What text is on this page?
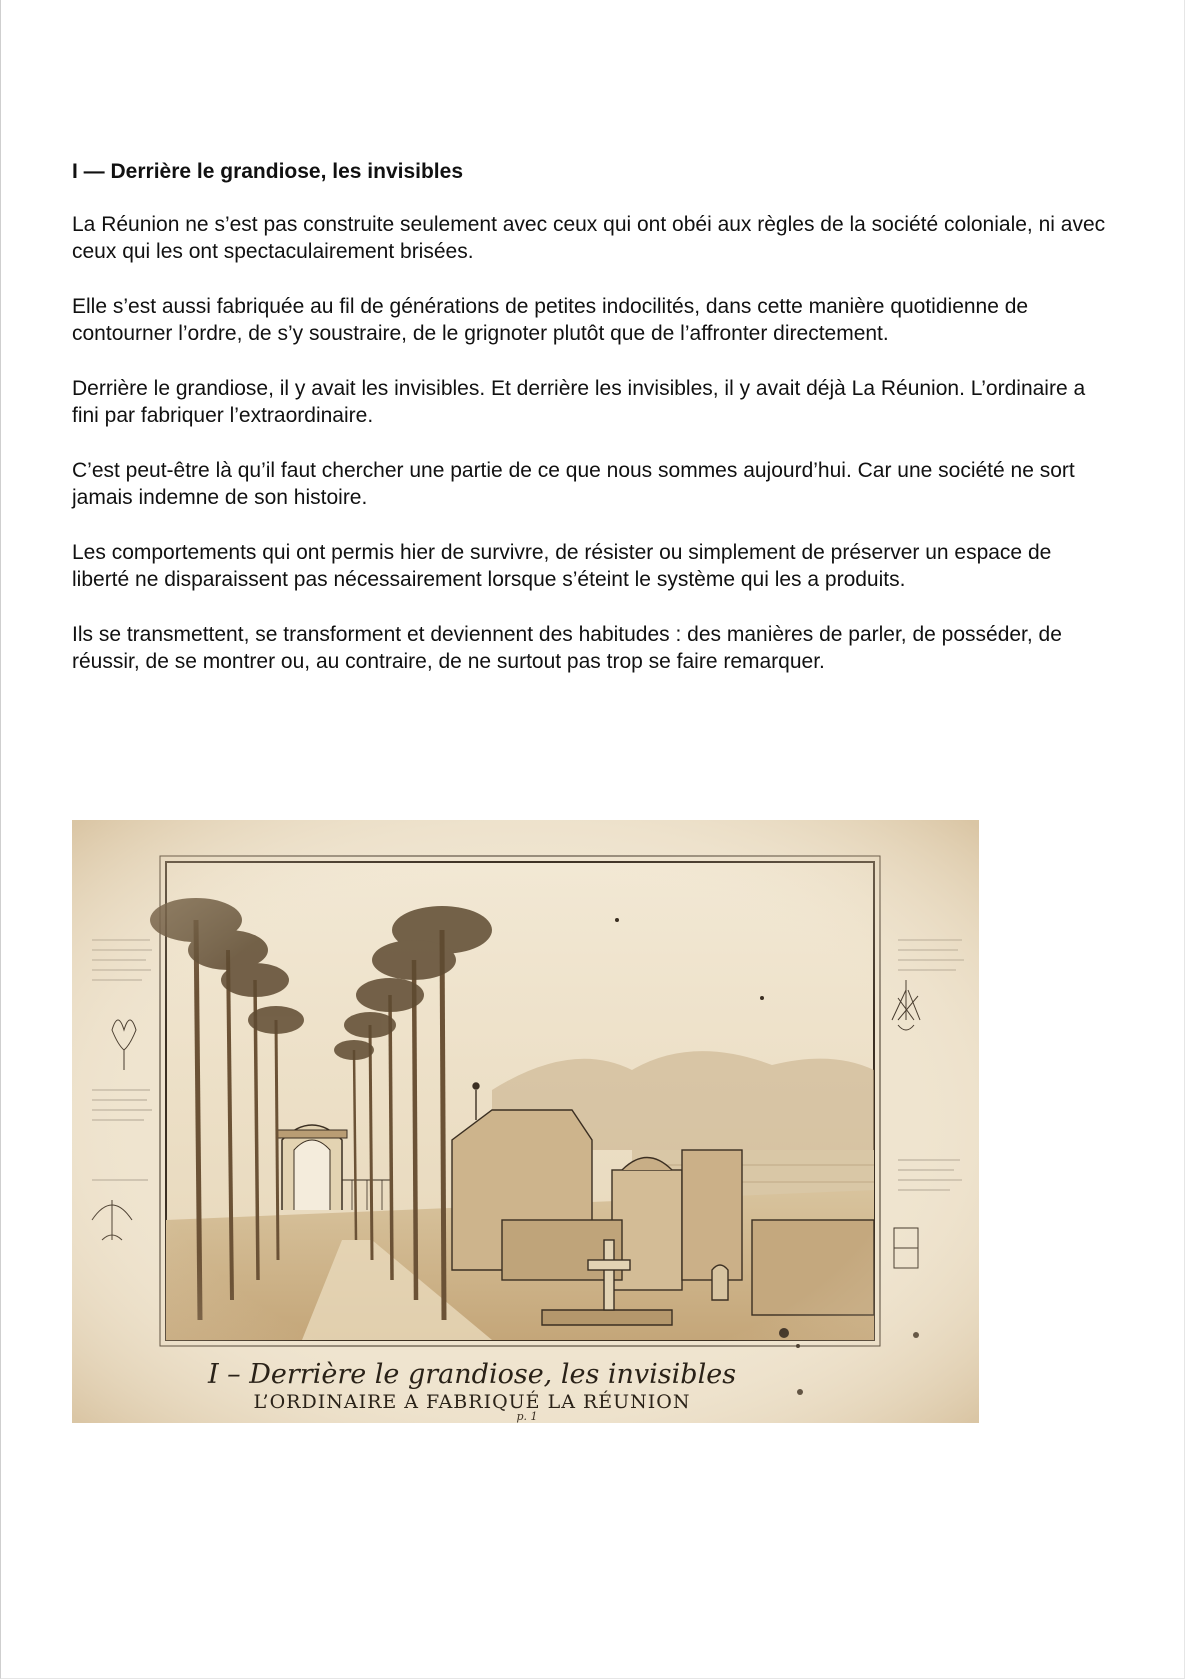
I — Derrière le grandiose, les invisibles

La Réunion ne s’est pas construite seulement avec ceux qui ont obéi aux règles de la société coloniale, ni avec ceux qui les ont spectaculairement brisées.

Elle s’est aussi fabriquée au fil de générations de petites indocilités, dans cette manière quotidienne de contourner l’ordre, de s’y soustraire, de le grignoter plutôt que de l’affronter directement.

Derrière le grandiose, il y avait les invisibles. Et derrière les invisibles, il y avait déjà La Réunion. L’ordinaire a fini par fabriquer l’extraordinaire.

C’est peut-être là qu’il faut chercher une partie de ce que nous sommes aujourd’hui. Car une société ne sort jamais indemne de son histoire.

Les comportements qui ont permis hier de survivre, de résister ou simplement de préserver un espace de liberté ne disparaissent pas nécessairement lorsque s’éteint le système qui les a produits.

Ils se transmettent, se transforment et deviennent des habitudes : des manières de parler, de posséder, de réussir, de se montrer ou, au contraire, de ne surtout pas trop se faire remarquer.

I – Derrière le grandiose, les invisibles
L’ORDINAIRE A FABRIQUÉ LA RÉUNION
p. 1
